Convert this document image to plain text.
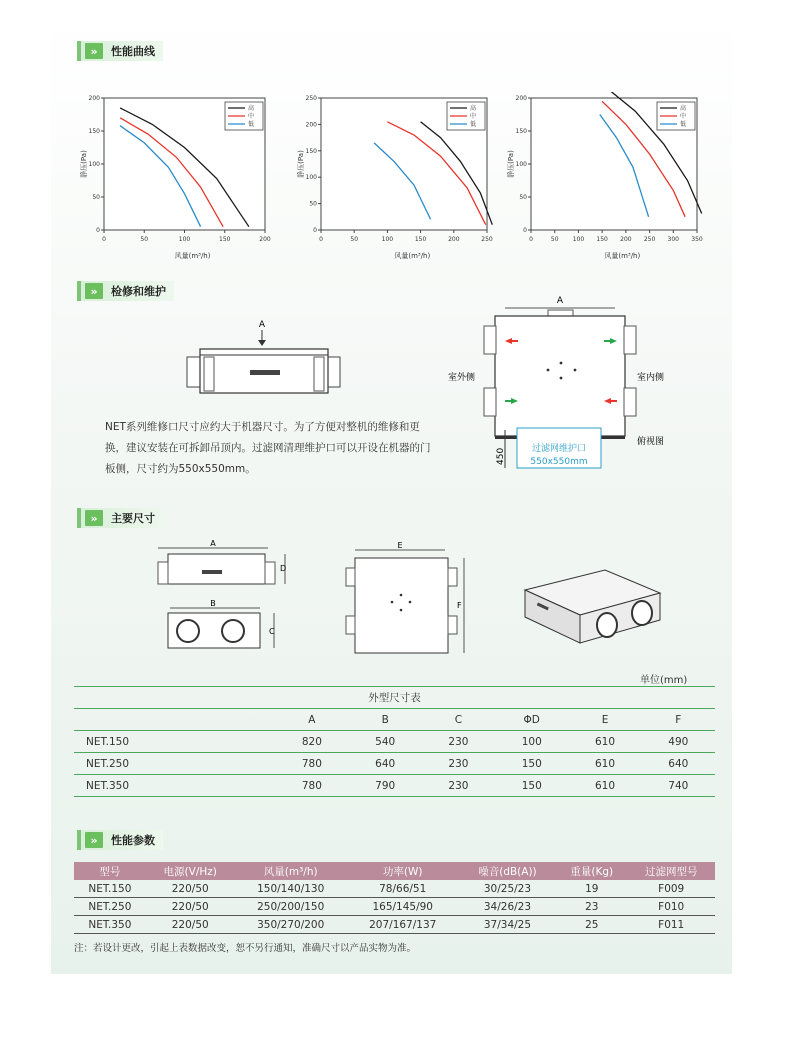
»	性能曲线
»	检修和维护
»	主要尺寸
»	性能参数
0	50	100	150	200
0
50
100
150
200
风量(m³/h)
静压(Pa)
高
中
低
0	50	100	150	200	250
0
50
100
150
200
250
风量(m³/h)
静压(Pa)
高
中
低
0	50 100 150 200 250 300 350
0
50
100
150
200
风量(m³/h)
静压(Pa)
高
中
低
A
A
室外侧	室内侧
俯视图
过滤网维护口
550x550mm
450
NET系列维修口尺寸应约大于机器尺寸。为了方便对整机的维修和更换，建议安装在可拆卸吊顶内。过滤网清理维护口可以开设在机器的门板侧，尺寸约为550x550mm。
A
D
B
C
E
F
单位(mm)
外型尺寸表						
	A	B	C	ΦD	E	F
NET.150	820	540	230	100	610	490
NET.250	780	640	230	150	610	640
NET.350	780	790	230	150	610	740
型号	电源(V/Hz)	风量(m³/h)	功率(W)	噪音(dB(A))	重量(Kg)	过滤网型号
NET.150	220/50	150/140/130	78/66/51	30/25/23	19	F009
NET.250	220/50	250/200/150	165/145/90	34/26/23	23	F010
NET.350	220/50	350/270/200	207/167/137	37/34/25	25	F011
注：若设计更改，引起上表数据改变，恕不另行通知，准确尺寸以产品实物为准。
